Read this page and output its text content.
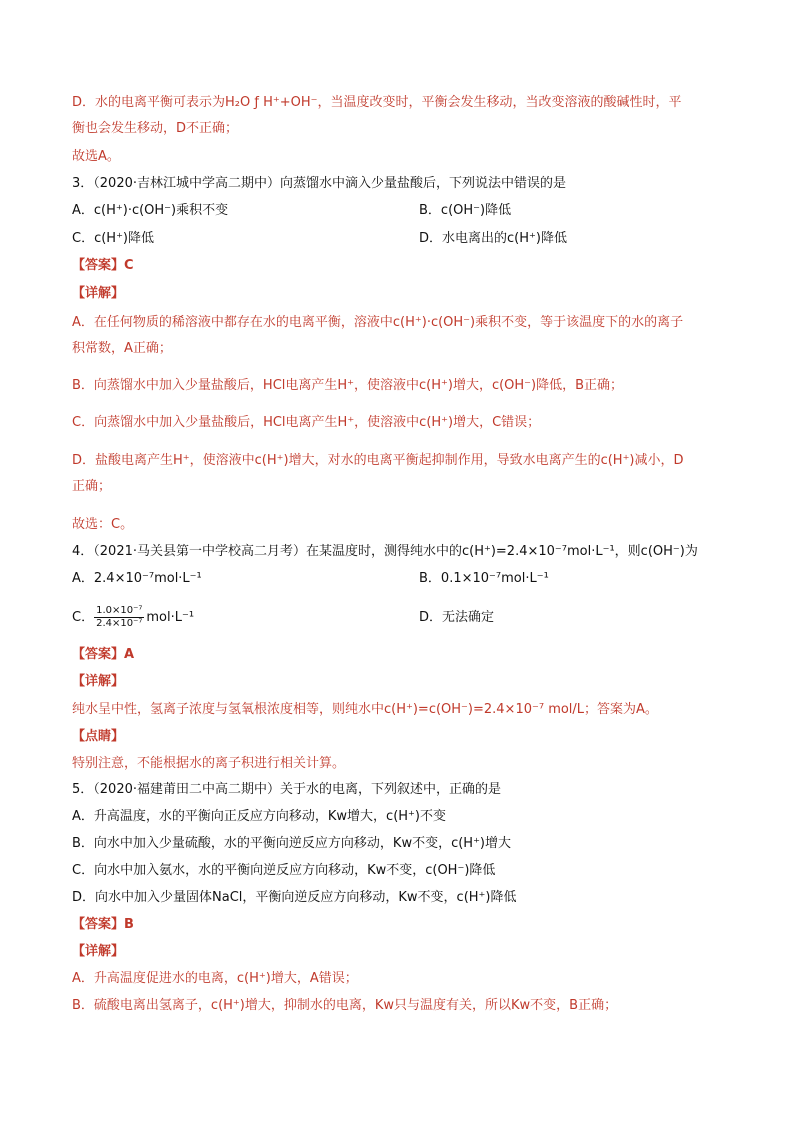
D．水的电离平衡可表示为H₂O ƒ H⁺+OH⁻，当温度改变时，平衡会发生移动，当改变溶液的酸碱性时，平
衡也会发生移动，D不正确；
故选A。
3．（2020·吉林江城中学高二期中）向蒸馏水中滴入少量盐酸后，下列说法中错误的是
A．c(H⁺)·c(OH⁻)乘积不变	B．c(OH⁻)降低
C．c(H⁺)降低	D．水电离出的c(H⁺)降低
【答案】C
【详解】
A．在任何物质的稀溶液中都存在水的电离平衡，溶液中c(H⁺)·c(OH⁻)乘积不变，等于该温度下的水的离子
积常数，A正确；
B．向蒸馏水中加入少量盐酸后，HCl电离产生H⁺，使溶液中c(H⁺)增大，c(OH⁻)降低，B正确；
C．向蒸馏水中加入少量盐酸后，HCl电离产生H⁺，使溶液中c(H⁺)增大，C错误；
D．盐酸电离产生H⁺，使溶液中c(H⁺)增大，对水的电离平衡起抑制作用，导致水电离产生的c(H⁺)减小，D
正确；
故选：C。
4．（2021·马关县第一中学校高二月考）在某温度时，测得纯水中的c(H⁺)=2.4×10⁻⁷mol·L⁻¹，则c(OH⁻)为
A．2.4×10⁻⁷mol·L⁻¹	B．0.1×10⁻⁷mol·L⁻¹
C． $\frac{\text{1.0×10⁻⁷}}{\text{2.4×10⁻⁷}} mol\cdot L^{-1}$	D．无法确定
【答案】A
【详解】
纯水呈中性，氢离子浓度与氢氧根浓度相等，则纯水中c(H⁺)=c(OH⁻)=2.4×10⁻⁷ mol/L；答案为A。
【点睛】
特别注意，不能根据水的离子积进行相关计算。
5．（2020·福建莆田二中高二期中）关于水的电离，下列叙述中，正确的是
A．升高温度，水的平衡向正反应方向移动，Kw增大，c(H⁺)不变
B．向水中加入少量硫酸，水的平衡向逆反应方向移动，Kw不变，c(H⁺)增大
C．向水中加入氨水，水的平衡向逆反应方向移动，Kw不变，c(OH⁻)降低
D．向水中加入少量固体NaCl，平衡向逆反应方向移动，Kw不变，c(H⁺)降低
【答案】B
【详解】
A．升高温度促进水的电离，c(H⁺)增大，A错误；
B．硫酸电离出氢离子，c(H⁺)增大，抑制水的电离，Kw只与温度有关，所以Kw不变，B正确；
